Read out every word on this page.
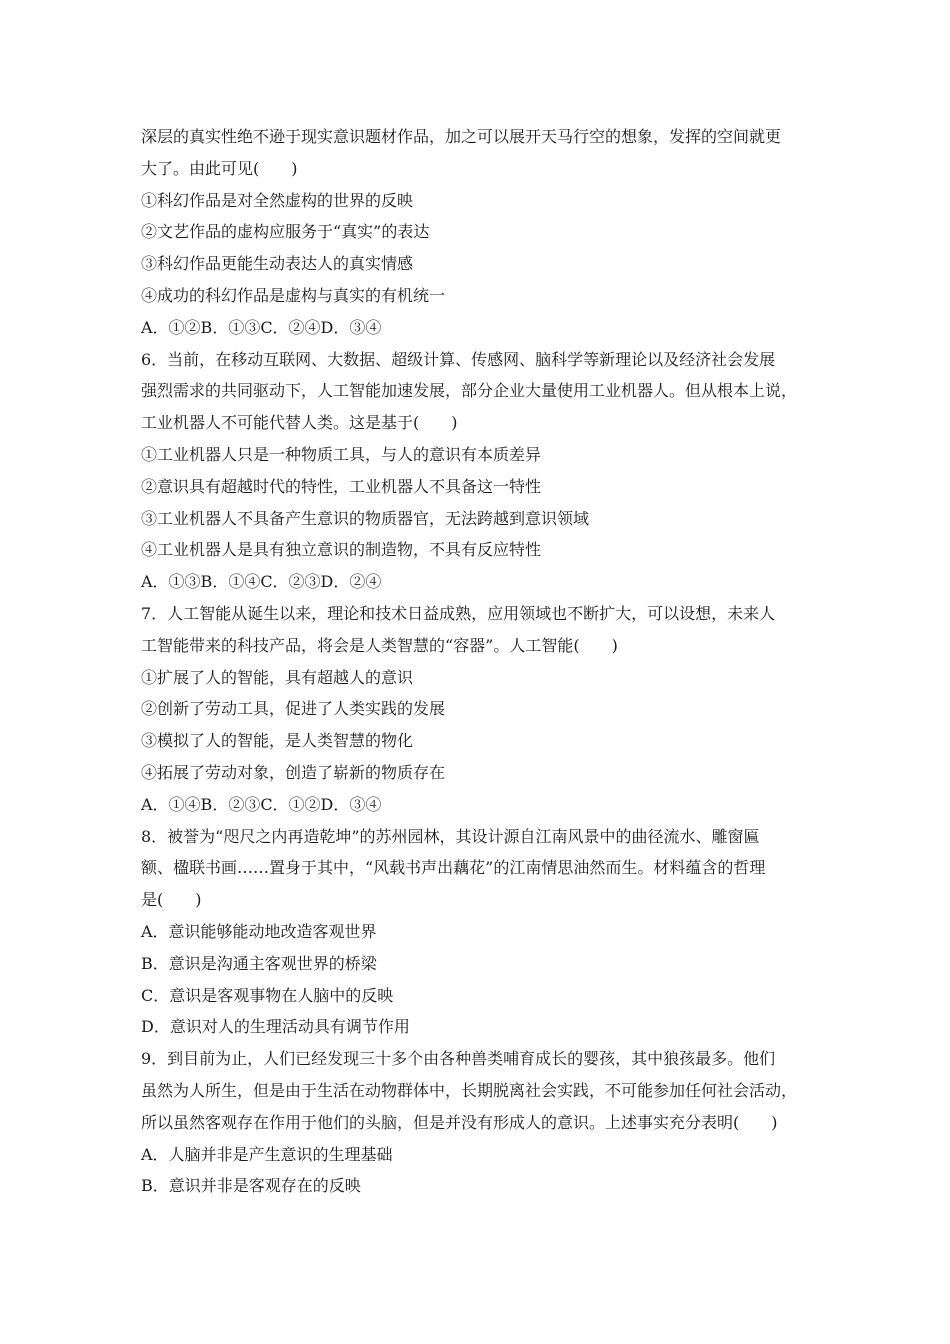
深层的真实性绝不逊于现实意识题材作品，加之可以展开天马行空的想象，发挥的空间就更
大了。由此可见(　　)
①科幻作品是对全然虚构的世界的反映
②文艺作品的虚构应服务于“真实”的表达
③科幻作品更能生动表达人的真实情感
④成功的科幻作品是虚构与真实的有机统一
A．①②B．①③C．②④D．③④
6．当前，在移动互联网、大数据、超级计算、传感网、脑科学等新理论以及经济社会发展
强烈需求的共同驱动下，人工智能加速发展，部分企业大量使用工业机器人。但从根本上说，
工业机器人不可能代替人类。这是基于(　　)
①工业机器人只是一种物质工具，与人的意识有本质差异
②意识具有超越时代的特性，工业机器人不具备这一特性
③工业机器人不具备产生意识的物质器官，无法跨越到意识领域
④工业机器人是具有独立意识的制造物，不具有反应特性
A．①③B．①④C．②③D．②④
7．人工智能从诞生以来，理论和技术日益成熟，应用领域也不断扩大，可以设想，未来人
工智能带来的科技产品，将会是人类智慧的“容器”。人工智能(　　)
①扩展了人的智能，具有超越人的意识
②创新了劳动工具，促进了人类实践的发展
③模拟了人的智能，是人类智慧的物化
④拓展了劳动对象，创造了崭新的物质存在
A．①④B．②③C．①②D．③④
8．被誉为“咫尺之内再造乾坤”的苏州园林，其设计源自江南风景中的曲径流水、雕窗匾
额、楹联书画……置身于其中，“风载书声出藕花”的江南情思油然而生。材料蕴含的哲理
是(　　)
A．意识能够能动地改造客观世界
B．意识是沟通主客观世界的桥梁
C．意识是客观事物在人脑中的反映
D．意识对人的生理活动具有调节作用
9．到目前为止，人们已经发现三十多个由各种兽类哺育成长的婴孩，其中狼孩最多。他们
虽然为人所生，但是由于生活在动物群体中，长期脱离社会实践，不可能参加任何社会活动，
所以虽然客观存在作用于他们的头脑，但是并没有形成人的意识。上述事实充分表明(　　)
A．人脑并非是产生意识的生理基础
B．意识并非是客观存在的反映
